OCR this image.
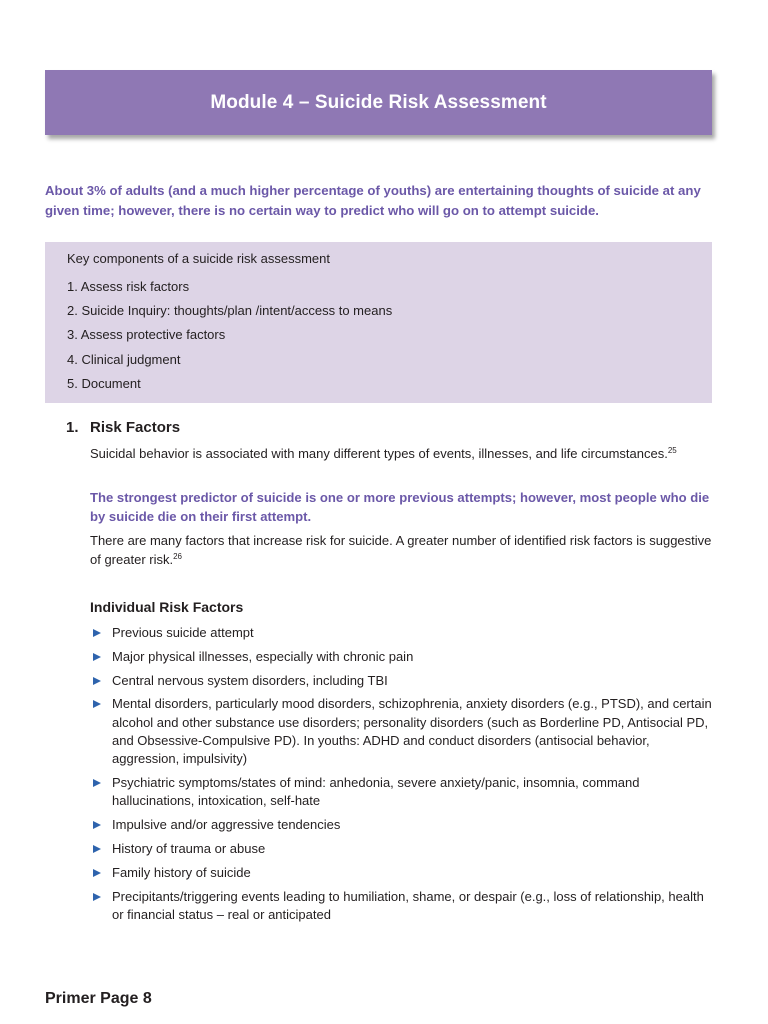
Module 4 – Suicide Risk Assessment
About 3% of adults (and a much higher percentage of youths) are entertaining thoughts of suicide at any given time; however, there is no certain way to predict who will go on to attempt suicide.
Key components of a suicide risk assessment
1. Assess risk factors
2. Suicide Inquiry: thoughts/plan /intent/access to means
3. Assess protective factors
4. Clinical judgment
5. Document
1. Risk Factors
Suicidal behavior is associated with many different types of events, illnesses, and life circumstances.$^{25}$
The strongest predictor of suicide is one or more previous attempts; however, most people who die by suicide die on their first attempt.
There are many factors that increase risk for suicide. A greater number of identified risk factors is suggestive of greater risk.$^{26}$
Individual Risk Factors
Previous suicide attempt
Major physical illnesses, especially with chronic pain
Central nervous system disorders, including TBI
Mental disorders, particularly mood disorders, schizophrenia, anxiety disorders (e.g., PTSD), and certain alcohol and other substance use disorders; personality disorders (such as Borderline PD, Antisocial PD, and Obsessive-Compulsive PD). In youths: ADHD and conduct disorders (antisocial behavior, aggression, impulsivity)
Psychiatric symptoms/states of mind: anhedonia, severe anxiety/panic, insomnia, command hallucinations, intoxication, self-hate
Impulsive and/or aggressive tendencies
History of trauma or abuse
Family history of suicide
Precipitants/triggering events leading to humiliation, shame, or despair (e.g., loss of relationship, health or financial status – real or anticipated
Primer Page 8
